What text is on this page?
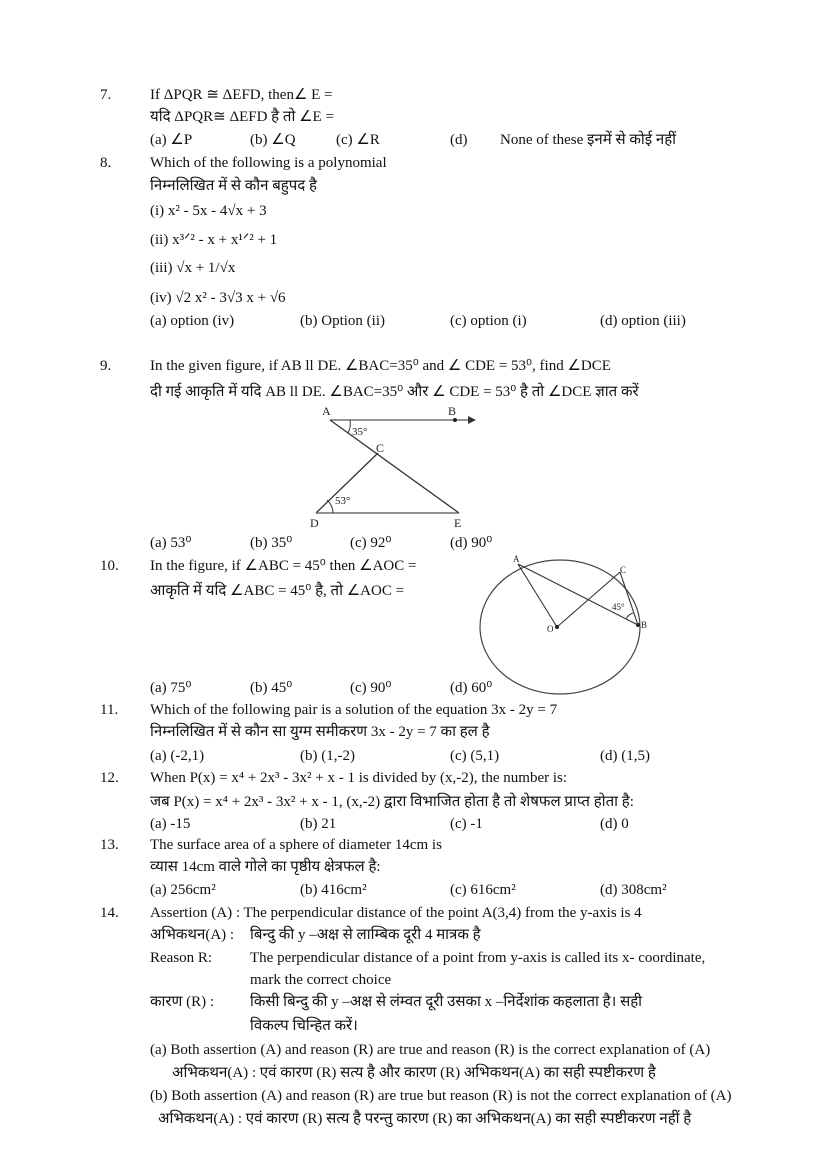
7.	If ΔPQR ≅ ΔEFD, then∠ E =
यदि ΔPQR≅ ΔEFD है तो ∠E =
(a) ∠P	(b) ∠Q	(c) ∠R	(d) None of these इनमें से कोई नहीं
8.	Which of the following is a polynomial
निम्नलिखित में से कौन बहुपद है
(i) x² - 5x - 4√x + 3
(ii) x³ᐟ² - x + x¹ᐟ² + 1
(iii) √x + 1/√x
(iv) √2 x² - 3√3 x + √6
(a) option (iv)	(b) Option (ii)	(c) option (i)	(d) option (iii)
9.	In the given figure, if AB ll DE. ∠BAC=35⁰ and ∠ CDE = 53⁰, find ∠DCE
दी गई आकृति में यदि AB ll DE. ∠BAC=35⁰ और ∠ CDE = 53⁰ है तो ∠DCE ज्ञात करें
A	B
C
D	E
35°
53°
(a) 53⁰	(b) 35⁰	(c) 92⁰	(d) 90⁰
10. In the figure, if ∠ABC = 45⁰ then ∠AOC =
आकृति में यदि ∠ABC = 45⁰ है, तो ∠AOC =
A
C
O	B
45°
(a) 75⁰	(b) 45⁰	(c) 90⁰	(d) 60⁰
11. Which of the following pair is a solution of the equation 3x - 2y = 7
निम्नलिखित में से कौन सा युग्म समीकरण 3x - 2y = 7 का हल है
(a) (-2,1)	(b) (1,-2)	(c) (5,1)	(d) (1,5)
12. When P(x) = x⁴ + 2x³ - 3x² + x - 1 is divided by (x,-2), the number is:
जब P(x) = x⁴ + 2x³ - 3x² + x - 1, (x,-2) द्वारा विभाजित होता है तो शेषफल प्राप्त होता है:
(a) -15	(b) 21	(c) -1	(d) 0
13. The surface area of a sphere of diameter 14cm is
व्यास 14cm वाले गोले का पृष्ठीय क्षेत्रफल है:
(a) 256cm²	(b) 416cm²	(c) 616cm²	(d) 308cm²
14. Assertion (A) : The perpendicular distance of the point A(3,4) from the y-axis is 4
अभिकथन(A) : बिन्दु की y –अक्ष से लाम्बिक दूरी 4 मात्रक है
Reason R:	The perpendicular distance of a point from y-axis is called its x- coordinate,
mark the correct choice
कारण (R) : किसी बिन्दु की y –अक्ष से लंम्वत दूरी उसका x –निर्देशांक कहलाता है। सही
विकल्प चिन्हित करें।
(a) Both assertion (A) and reason (R) are true and reason (R) is the correct explanation of (A)
अभिकथन(A) : एवं कारण (R) सत्य है और कारण (R) अभिकथन(A) का सही स्पष्टीकरण है
(b) Both assertion (A) and reason (R) are true but reason (R) is not the correct explanation of (A)
अभिकथन(A) : एवं कारण (R) सत्य है परन्तु कारण (R) का अभिकथन(A) का सही स्पष्टीकरण नहीं है
